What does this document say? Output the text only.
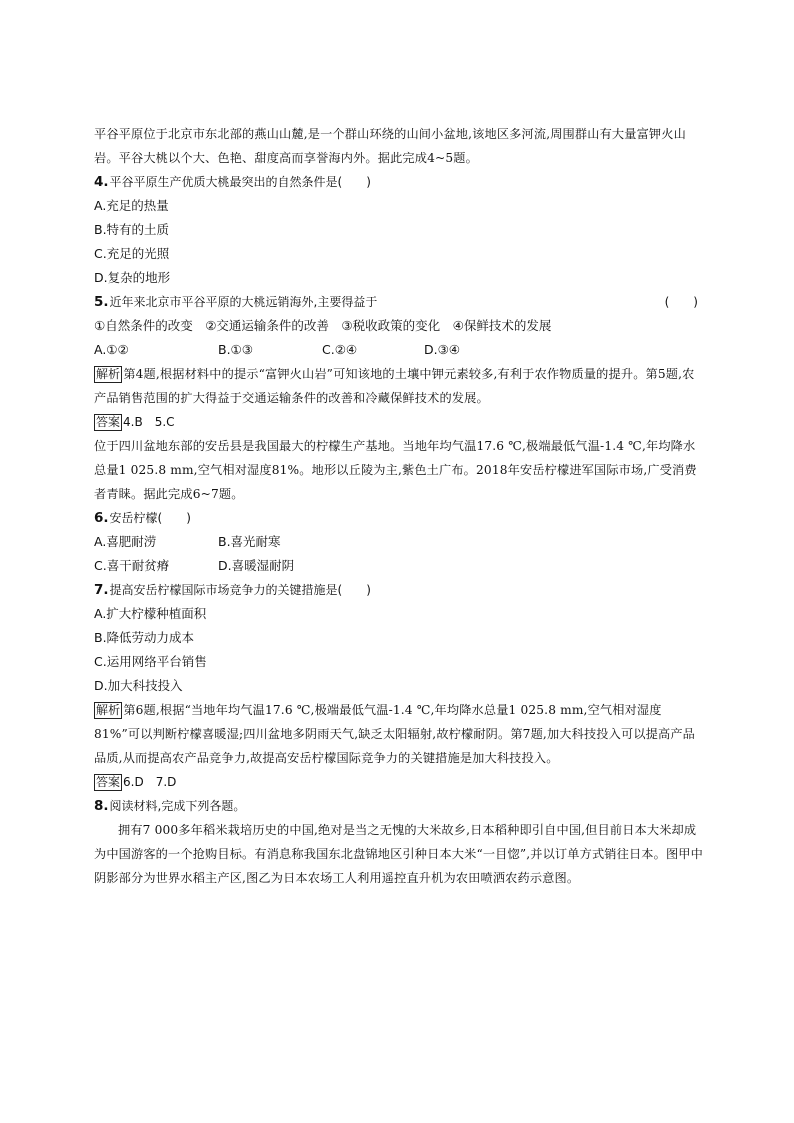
平谷平原位于北京市东北部的燕山山麓,是一个群山环绕的山间小盆地,该地区多河流,周围群山有大量富钾火山岩。平谷大桃以个大、色艳、甜度高而享誉海内外。据此完成4~5题。

4.平谷平原生产优质大桃最突出的自然条件是(　　)

A.充足的热量

B.特有的土质

C.充足的光照

D.复杂的地形

5. 近年来北京市平谷平原的大桃远销海外,主要得益于	(　　)

①自然条件的改变　②交通运输条件的改善　③税收政策的变化　④保鲜技术的发展

A.①②	B.①③	C.②④	D.③④

解析 第4题,根据材料中的提示“富钾火山岩”可知该地的土壤中钾元素较多,有利于农作物质量的提升。第5题,农产品销售范围的扩大得益于交通运输条件的改善和冷藏保鲜技术的发展。

答案 4.B　5.C

位于四川盆地东部的安岳县是我国最大的柠檬生产基地。当地年均气温17.6 ℃,极端最低气温-1.4 ℃,年均降水总量1 025.8 mm,空气相对湿度81%。地形以丘陵为主,紫色土广布。2018年安岳柠檬进军国际市场,广受消费者青睐。据此完成6~7题。

6.安岳柠檬(　　)

A.喜肥耐涝	B.喜光耐寒

C.喜干耐贫瘠	D.喜暖湿耐阴

7.提高安岳柠檬国际市场竞争力的关键措施是(　　)

A.扩大柠檬种植面积

B.降低劳动力成本

C.运用网络平台销售

D.加大科技投入

解析 第6题,根据“当地年均气温17.6 ℃,极端最低气温-1.4 ℃,年均降水总量1 025.8 mm,空气相对湿度81%”可以判断柠檬喜暖湿;四川盆地多阴雨天气,缺乏太阳辐射,故柠檬耐阴。第7题,加大科技投入可以提高产品品质,从而提高农产品竞争力,故提高安岳柠檬国际竞争力的关键措施是加大科技投入。

答案 6.D　7.D

8.阅读材料,完成下列各题。

拥有7 000多年稻米栽培历史的中国,绝对是当之无愧的大米故乡,日本稻种即引自中国,但目前日本大米却成为中国游客的一个抢购目标。有消息称我国东北盘锦地区引种日本大米“一目惚”,并以订单方式销往日本。图甲中阴影部分为世界水稻主产区,图乙为日本农场工人利用遥控直升机为农田喷洒农药示意图。
